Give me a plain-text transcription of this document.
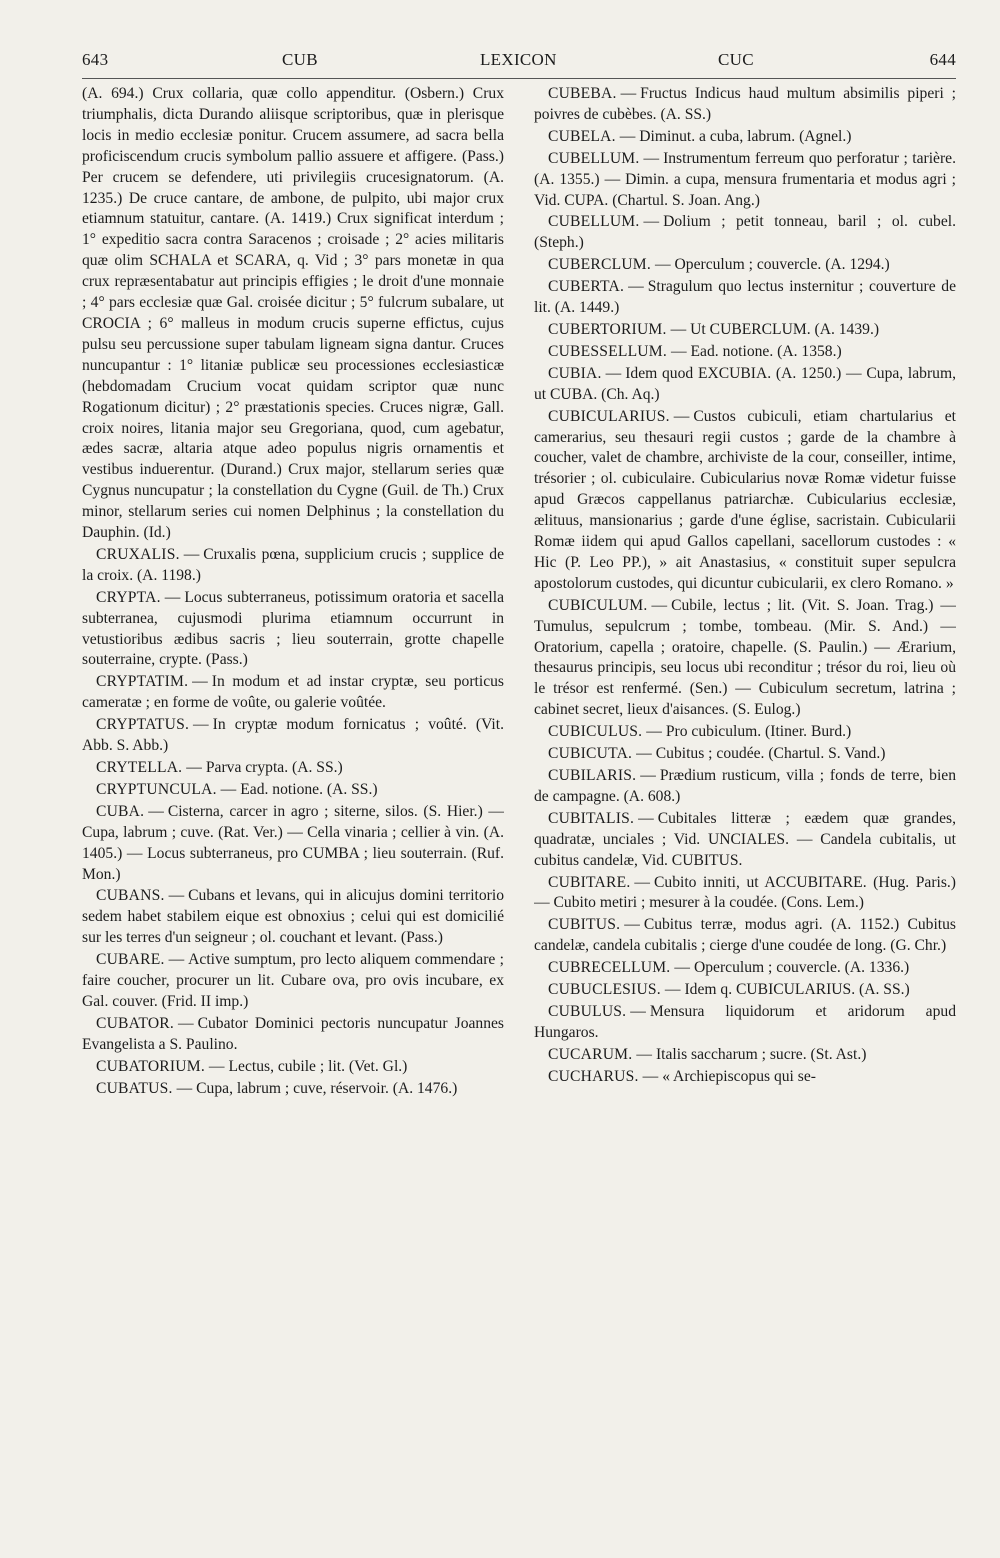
643	CUB	LEXICON	CUC	644

(A. 694.) Crux collaria, quæ collo appenditur. (Osbern.) Crux triumphalis, dicta Durando aliisque scriptoribus, quæ in plerisque locis in medio ecclesiæ ponitur. Crucem assumere, ad sacra bella proficiscendum crucis symbolum pallio assuere et affigere. (Pass.) Per crucem se defendere, uti privilegiis crucesignatorum. (A. 1235.) De cruce cantare, de ambone, de pulpito, ubi major crux etiamnum statuitur, cantare. (A. 1419.) Crux significat interdum ; 1° expeditio sacra contra Saracenos ; croisade ; 2° acies militaris quæ olim SCHALA et SCARA, q. Vid ; 3° pars monetæ in qua crux repræsentabatur aut principis effigies ; le droit d'une monnaie ; 4° pars ecclesiæ quæ Gal. croisée dicitur ; 5° fulcrum subalare, ut CROCIA ; 6° malleus in modum crucis superne effictus, cujus pulsu seu percussione super tabulam ligneam signa dantur. Cruces nuncupantur : 1° litaniæ publicæ seu processiones ecclesiasticæ (hebdomadam Crucium vocat quidam scriptor quæ nunc Rogationum dicitur) ; 2° præstationis species. Cruces nigræ, Gall. croix noires, litania major seu Gregoriana, quod, cum agebatur, ædes sacræ, altaria atque adeo populus nigris ornamentis et vestibus induerentur. (Durand.) Crux major, stellarum series quæ Cygnus nuncupatur ; la constellation du Cygne (Guil. de Th.) Crux minor, stellarum series cui nomen Delphinus ; la constellation du Dauphin. (Id.)

CRUXALIS. — Cruxalis pœna, supplicium crucis ; supplice de la croix. (A. 1198.)

CRYPTA. — Locus subterraneus, potissimum oratoria et sacella subterranea, cujusmodi plurima etiamnum occurrunt in vetustioribus ædibus sacris ; lieu souterrain, grotte chapelle souterraine, crypte. (Pass.)

CRYPTATIM. — In modum et ad instar cryptæ, seu porticus cameratæ ; en forme de voûte, ou galerie voûtée.

CRYPTATUS. — In cryptæ modum fornicatus ; voûté. (Vit. Abb. S. Abb.)

CRYTELLA. — Parva crypta. (A. SS.)

CRYPTUNCULA. — Ead. notione. (A. SS.)

CUBA. — Cisterna, carcer in agro ; siterne, silos. (S. Hier.) — Cupa, labrum ; cuve. (Rat. Ver.) — Cella vinaria ; cellier à vin. (A. 1405.) — Locus subterraneus, pro CUMBA ; lieu souterrain. (Ruf. Mon.)

CUBANS. — Cubans et levans, qui in alicujus domini territorio sedem habet stabilem eique est obnoxius ; celui qui est domicilié sur les terres d'un seigneur ; ol. couchant et levant. (Pass.)

CUBARE. — Active sumptum, pro lecto aliquem commendare ; faire coucher, procurer un lit. Cubare ova, pro ovis incubare, ex Gal. couver. (Frid. II imp.)

CUBATOR. — Cubator Dominici pectoris nuncupatur Joannes Evangelista a S. Paulino.

CUBATORIUM. — Lectus, cubile ; lit. (Vet. Gl.)

CUBATUS. — Cupa, labrum ; cuve, réservoir. (A. 1476.)

CUBEBA. — Fructus Indicus haud multum absimilis piperi ; poivres de cubèbes. (A. SS.)

CUBELA. — Diminut. a cuba, labrum. (Agnel.)

CUBELLUM. — Instrumentum ferreum quo perforatur ; tarière. (A. 1355.) — Dimin. a cupa, mensura frumentaria et modus agri ; Vid. CUPA. (Chartul. S. Joan. Ang.)

CUBELLUM. — Dolium ; petit tonneau, baril ; ol. cubel. (Steph.)

CUBERCLUM. — Operculum ; couvercle. (A. 1294.)

CUBERTA. — Stragulum quo lectus insternitur ; couverture de lit. (A. 1449.)

CUBERTORIUM. — Ut CUBERCLUM. (A. 1439.)

CUBESSELLUM. — Ead. notione. (A. 1358.)

CUBIA. — Idem quod EXCUBIA. (A. 1250.) — Cupa, labrum, ut CUBA. (Ch. Aq.)

CUBICULARIUS. — Custos cubiculi, etiam chartularius et camerarius, seu thesauri regii custos ; garde de la chambre à coucher, valet de chambre, archiviste de la cour, conseiller, intime, trésorier ; ol. cubiculaire. Cubicularius novæ Romæ videtur fuisse apud Græcos cappellanus patriarchæ. Cubicularius ecclesiæ, ælituus, mansionarius ; garde d'une église, sacristain. Cubicularii Romæ iidem qui apud Gallos capellani, sacellorum custodes : « Hic (P. Leo PP.), » ait Anastasius, « constituit super sepulcra apostolorum custodes, qui dicuntur cubicularii, ex clero Romano. »

CUBICULUM. — Cubile, lectus ; lit. (Vit. S. Joan. Trag.) — Tumulus, sepulcrum ; tombe, tombeau. (Mir. S. And.) — Oratorium, capella ; oratoire, chapelle. (S. Paulin.) — Ærarium, thesaurus principis, seu locus ubi reconditur ; trésor du roi, lieu où le trésor est renfermé. (Sen.) — Cubiculum secretum, latrina ; cabinet secret, lieux d'aisances. (S. Eulog.)

CUBICULUS. — Pro cubiculum. (Itiner. Burd.)

CUBICUTA. — Cubitus ; coudée. (Chartul. S. Vand.)

CUBILARIS. — Prædium rusticum, villa ; fonds de terre, bien de campagne. (A. 608.)

CUBITALIS. — Cubitales litteræ ; eædem quæ grandes, quadratæ, unciales ; Vid. UNCIALES. — Candela cubitalis, ut cubitus candelæ, Vid. CUBITUS.

CUBITARE. — Cubito inniti, ut ACCUBITARE. (Hug. Paris.) — Cubito metiri ; mesurer à la coudée. (Cons. Lem.)

CUBITUS. — Cubitus terræ, modus agri. (A. 1152.) Cubitus candelæ, candela cubitalis ; cierge d'une coudée de long. (G. Chr.)

CUBRECELLUM. — Operculum ; couvercle. (A. 1336.)

CUBUCLESIUS. — Idem q. CUBICULARIUS. (A. SS.)

CUBULUS. — Mensura liquidorum et aridorum apud Hungaros.

CUCARUM. — Italis saccharum ; sucre. (St. Ast.)

CUCHARUS. — « Archiepiscopus qui se-
